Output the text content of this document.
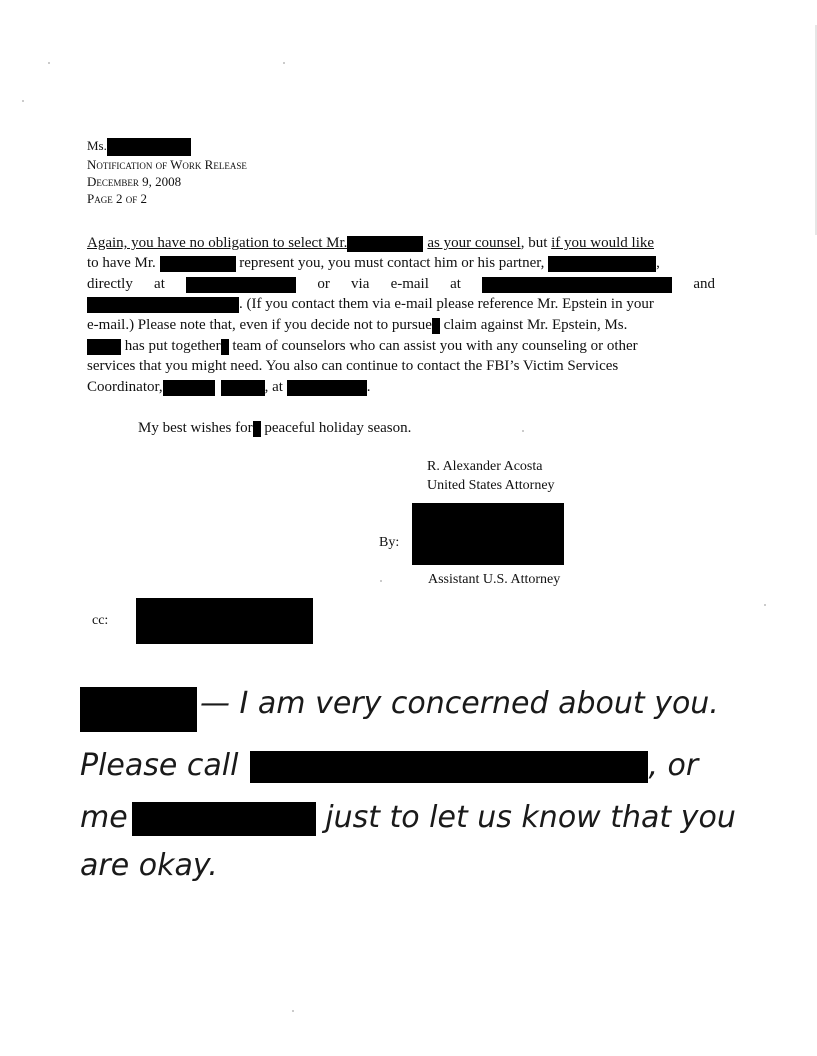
Ms.
Notification of Work Release
December 9, 2008
Page 2 of 2
Again, you have no obligation to select Mr.	as your counsel, but if you would like
to have Mr.	represent you, you must contact him or his partner,	,
directly at	or via e-mail at	and
. (If you contact them via e-mail please reference Mr. Epstein in your
e-mail.) Please note that, even if you decide not to pursue claim against Mr. Epstein, Ms.
has put together team of counselors who can assist you with any counseling or other
services that you might need. You also can continue to contact the FBI’s Victim Services
Coordinator,	, at	.
My best wishes for peaceful holiday season.
R. Alexander Acosta
United States Attorney
By:
Assistant U.S. Attorney
cc:
— I am very concerned about you.
Please call	, or
me	just to let us know that you
are okay.
